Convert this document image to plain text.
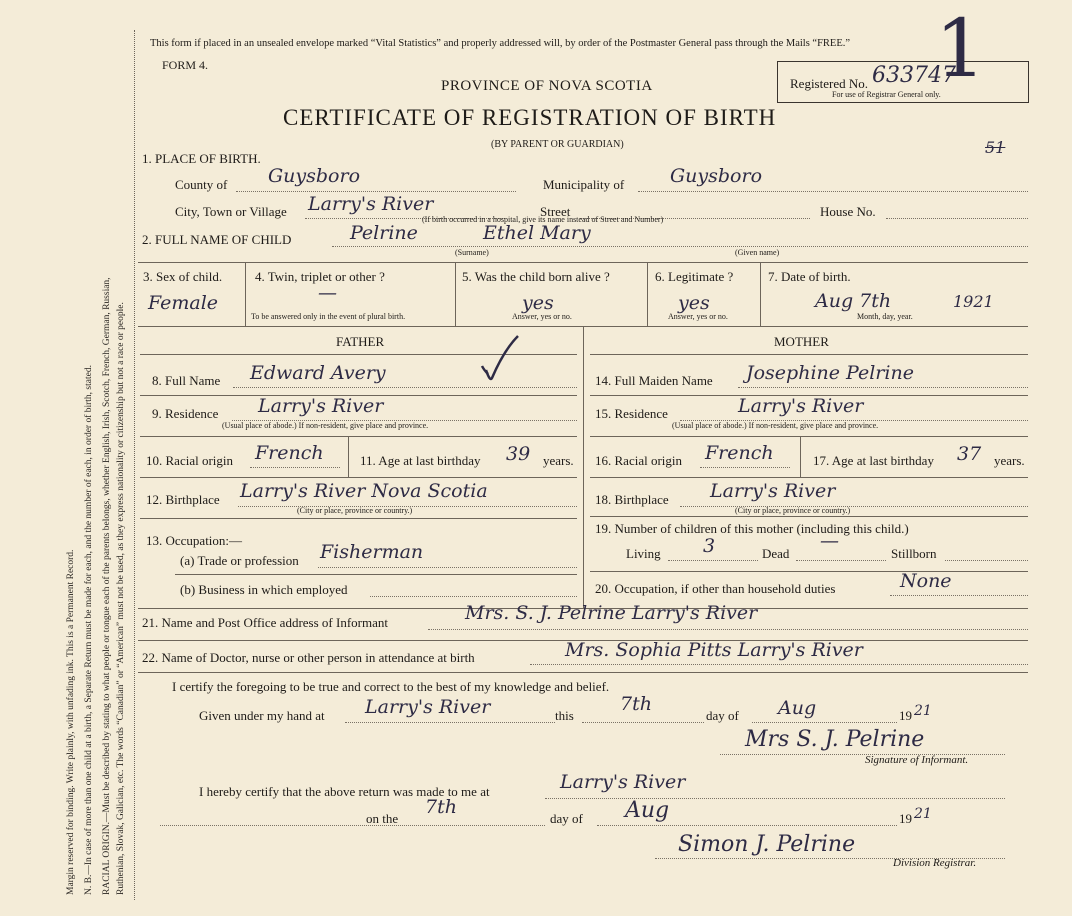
Margin reserved for binding. Write plainly, with unfading ink. This is a Permanent Record. N. B.—In case of more than one child at a birth, a Separate Return must be made for each, and the number of each, in order of birth, stated. RACIAL ORIGIN.—Must be described by stating to what people or tongue each of the parents belongs, whether English, Irish, Scotch, French, German, Russian, Ruthenian, Slovak, Galician, etc. The words “Canadian” or “American” must not be used, as they express nationality or citizenship but not a race or people.
This form if placed in an unsealed envelope marked “Vital Statistics” and properly addressed will, by order of the Postmaster General pass through the Mails “FREE.”
FORM 4.
PROVINCE OF NOVA SCOTIA
CERTIFICATE OF REGISTRATION OF BIRTH
(BY PARENT OR GUARDIAN)
Registered No. 633747
For use of Registrar General only.
1
51
1. PLACE OF BIRTH.
County of Guysboro	Municipality of Guysboro
City, Town or Village Larry's River	Street
(If birth occurred in a hospital, give its name instead of Street and Number)
House No.
2. FULL NAME OF CHILD	Pelrine	Ethel Mary
(Surname)	(Given name)
3. Sex of child.
Female
4. Twin, triplet or other ?
—
To be answered only in the event of plural birth.
5. Was the child born alive ?
yes
Answer, yes or no.
6. Legitimate ?
yes
Answer, yes or no.
7. Date of birth.
Aug 7th	1921
Month, day, year.
FATHER	MOTHER
8. Full Name Edward Avery
9. Residence Larry's River
(Usual place of abode.) If non-resident, give place and province.
10. Racial origin French	11. Age at last birthday 39 years.
12. Birthplace Larry's River Nova Scotia
(City or place, province or country.)
13. Occupation:—
(a) Trade or profession Fisherman
(b) Business in which employed
14. Full Maiden Name Josephine Pelrine
15. Residence	Larry's River
(Usual place of abode.) If non-resident, give place and province.
16. Racial origin French	17. Age at last birthday 37 years.
18. Birthplace Larry's River
(City or place, province or country.)
19. Number of children of this mother (including this child.)
Living 3	Dead
—
Stillborn
20. Occupation, if other than household duties	None
21. Name and Post Office address of Informant	Mrs. S. J. Pelrine Larry's River
22. Name of Doctor, nurse or other person in attendance at birth	Mrs. Sophia Pitts Larry's River
I certify the foregoing to be true and correct to the best of my knowledge and belief.
Given under my hand at Larry's River	this
7th
day of Aug	19 21
Mrs S. J. Pelrine
Signature of Informant.
I hereby certify that the above return was made to me at	Larry's River
on the
7th
day of Aug	19 21
Simon J. Pelrine
Division Registrar.
